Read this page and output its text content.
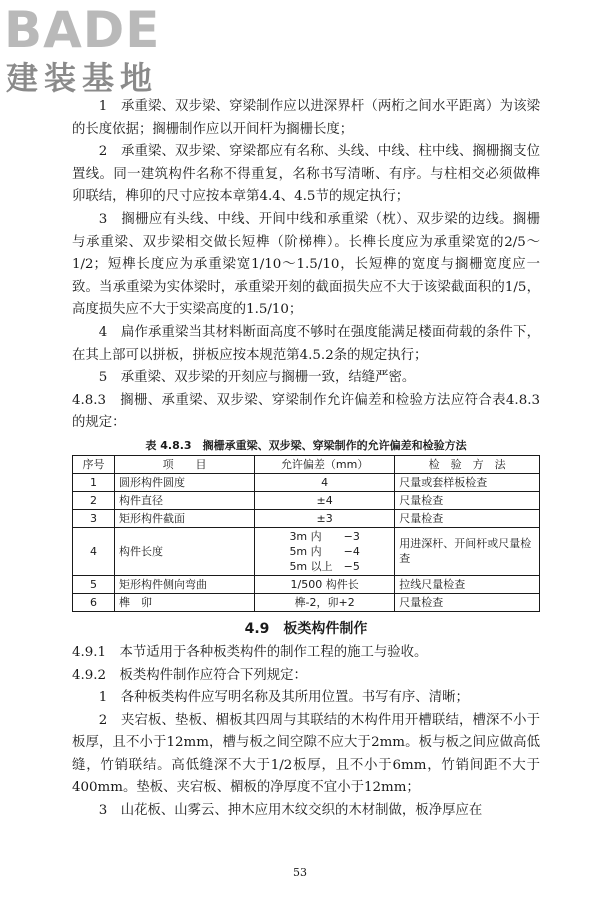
BADE
建装基地

1　承重梁、双步梁、穿梁制作应以进深界杆（两桁之间水平距离）为该梁的长度依据；搁栅制作应以开间杆为搁栅长度；

2　承重梁、双步梁、穿梁都应有名称、头线、中线、柱中线、搁栅搁支位置线。同一建筑构件名称不得重复，名称书写清晰、有序。与柱相交必须做榫卯联结，榫卯的尺寸应按本章第4.4、4.5节的规定执行；

3　搁栅应有头线、中线、开间中线和承重梁（枕）、双步梁的边线。搁栅与承重梁、双步梁相交做长短榫（阶梯榫）。长榫长度应为承重梁宽的2/5～1/2；短榫长度应为承重梁宽1/10～1.5/10，长短榫的宽度与搁栅宽度应一致。当承重梁为实体梁时，承重梁开刻的截面损失应不大于该梁截面积的1/5，高度损失应不大于实梁高度的1.5/10；

4　扁作承重梁当其材料断面高度不够时在强度能满足楼面荷载的条件下，在其上部可以拼板，拼板应按本规范第4.5.2条的规定执行；

5　承重梁、双步梁的开刻应与搁栅一致，结缝严密。

4.8.3　搁栅、承重梁、双步梁、穿梁制作允许偏差和检验方法应符合表4.8.3的规定：

表 4.8.3　搁栅承重梁、双步梁、穿梁制作的允许偏差和检验方法
序号	项　　目	允许偏差（mm）	检　验　方　法
1	圆形构件圆度	4	尺量或套样板检查
2	构件直径	±4	尺量检查
3	矩形构件截面	±3	尺量检查
4	构件长度	3m 内　　−3
5m 内　　−4
5m 以上　−5	用进深杆、开间杆或尺量检查
5	矩形构件侧向弯曲	1/500 构件长	拉线尺量检查
6	榫　卯	榫-2，卯+2	尺量检查
4.9　板类构件制作

4.9.1　本节适用于各种板类构件的制作工程的施工与验收。

4.9.2　板类构件制作应符合下列规定：

1　各种板类构件应写明名称及其所用位置。书写有序、清晰；

2　夹宕板、垫板、楣板其四周与其联结的木构件用开槽联结，槽深不小于板厚，且不小于12mm，槽与板之间空隙不应大于2mm。板与板之间应做高低缝，竹销联结。高低缝深不大于1/2板厚，且不小于6mm，竹销间距不大于400mm。垫板、夹宕板、楣板的净厚度不宜小于12mm；

3　山花板、山雾云、抻木应用木纹交织的木材制做，板净厚应在

53
